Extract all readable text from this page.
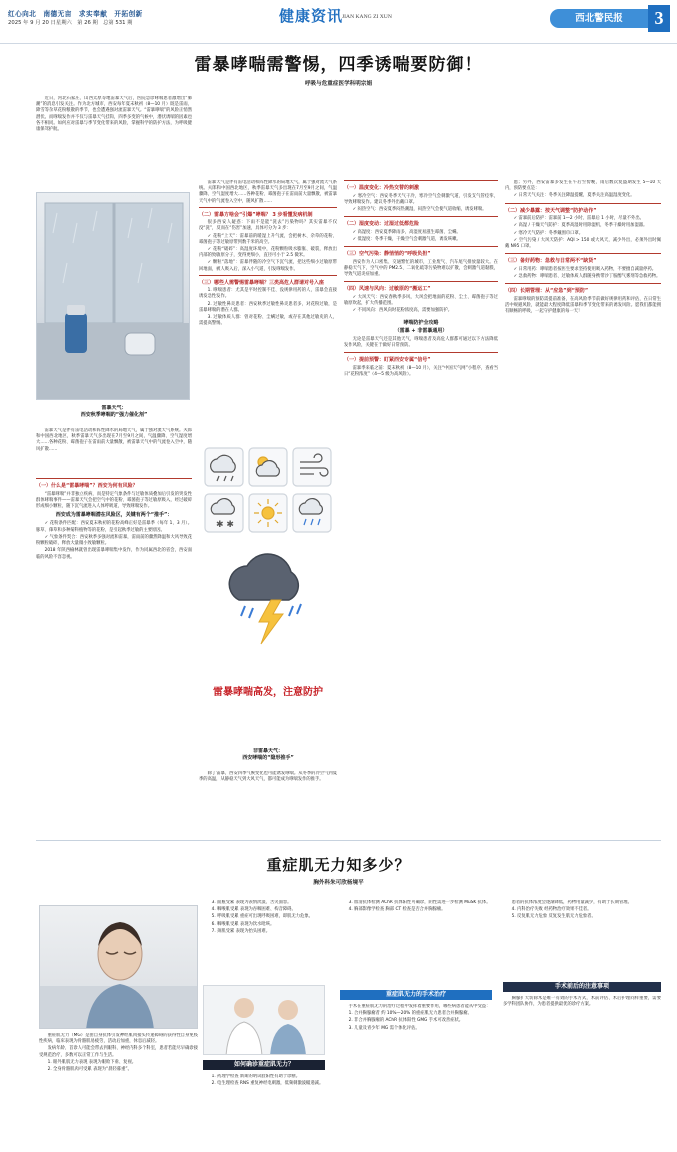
红心向北　南德无亩　求实奉献　开拓创新
2025 年 9 月 20 日星期六　第 26 期　总第 531 期	健康资讯
JIAN KANG ZI XUN	西北警民报	3
雷暴哮喘需警惕，四季诱喘要防御！
呼吸与危重症医学科明宗娟

近日，河北石家庄、山西太原等地雷暴天气后，医院急诊哮喘患者激增出“肺潮”的消息引发关注。作为北方城市，西安每年夏末秋初（8—10 月）既是雷雨、降雪等杂草花粉粮散的季节，也会遭遇强对流雷暴天气。“雷暴哮喘”的风险正悄然潜伏。而哮喘发作并不仅与雷暴天气挂钩，四季多变的气候中，潜伏诱喘的因素也各不相同。如何应对雷暴与季节变化带来的风险，掌握科学的防护方法，为呼吸健康保驾护航。

雷暴天气：
西安秋季哮喘的“强力催化剂”

雷暴天气是伴有雷电活动和阵性降水的局地天气，属于强对流天气系统。夫郎和中国西北地区，秋季雷暴天气多出现在7月至9月之间，气温骤降、空气湿度增大……各种花粉、霉菌孢子在雷雨前大量飘散，被雷暴天气中的气流卷入空中，随风扩散……

（一）什么是“雷暴哮喘”？西安为何有风险？

“雷暴哮喘”并非独立疾病，而是特定气象条件与过敏体质叠加后引发的突发性群体哮喘事件——雷暴天气会把空气中的花粉、霉菌孢子等过敏原吸入，经过破碎形成细小颗粒，随下沉气流进入人体呼吸道，导致哮喘发作。

西安成为雷暴哮喘潜在风险区，关键有两个“推手”：

✓ 花粉条件匹配：西安夏末秋初的花粉高峰正好是雷暴季（每年 1、3 月）。豚草、葎草和多种菊科植物等的花粉，是引起秋季过敏的主要原因。

✓ 气象条件契合：西安秋季多强对流和雷暴，雷雨前的骤然降温和大风导致花粉颗粒破碎，释放大量微小致敏颗粒。

2018 年陕西榆林就曾出现雷暴哮喘集中发作，作为同属西北的省会，西安面临的风险不容忽视。

雷暴天气是伴有雷电活动和阵性降水的局地天气，属于强对流天气系统。夫郎和中国西北地区，秋季雷暴天气多出现在7月至9月之间，气温骤降、空气湿度增大……各种花粉、霉菌孢子在雷雨前大量飘散，被雷暴天气中的气流卷入空中，随风扩散……

（二）雷暴方啥会“引爆”哮喘？ 3 步看懂发病机制

很多西安人疑惑：下雨不是能“洗去”污染物吗？其实雷暴不仅没“洗”，反而在“伤害”加速，具体可分为 3 步：

✓ 花粉“上天”：雷暴前的暖湿上升气流，会把树木、杂草的花粉、霉菌孢子等过敏原带到数千米的高空。

✓ 花粉“破碎”：高湿度环境中，花粉颗粒吸水膨胀、破裂，释放出内部的致敏原分子，变得更细小，直径可小于 2.5 微米。

✓ 颗粒“落地”：雷暴伴随的冷空气下沉气流，把这些细小过敏原带回地面，被人吸入后，深入小气道，引发哮喘发作。

（三）哪些人需警惕雷暴哮喘？三类高危人群请对号入座

1. 哮喘患者：尤其是平时控制不佳、没规律用药的人，雷暴会直接诱发急性发作。

2. 过敏性鼻炎患者：西安秋季过敏性鼻炎患者多，对花粉过敏，是雷暴哮喘的潜在人群。

3. 过敏体质人群：曾对花粉、尘螨过敏，或存在其他过敏史的人，需提高警惕。

✱ ✱
雷暴哮喘高发，注意防护
非雷暴天气：
西安哮喘的“隐形推手”

除了雷暴，西安四季气候变化也可能诱发哮喘。从冬季的冷空气到夏季的高温，从静稳天气到大风天气，都可能成为哮喘发作的推手。

（一）温度变化：冷热交替的刺激

✓ 寒冷空气：西安冬季天气干冷，寒冷空气会刺激气道，引发支气管痉挛，导致哮喘发作。建议冬季外出戴口罩。

✓ 闷热空气：西安夏季闷热潮湿，闷热空气会使气道收缩，诱发哮喘。

（二）湿度变动：过湿过低都危险

✓ 高湿度：西安夏季降雨多，高湿度易滋生霉菌、尘螨。

✓ 低湿度：冬季干燥，干燥空气会刺激气道，诱发咳嗽。

（三）空气污染：静悄悄的“呼吸负担”

西安作为人口密集、交通繁忙的城市，工业废气、汽车尾气排放量较大。在静稳天气下，空气中的 PM2.5、二氧化硫等污染物难以扩散，会刺激气道黏膜，导致气道炎症加重。

（四）风速与风向：过敏原的“搬运工”

✓ 大风天气：西安春秋季多风，大风会把地面的花粉、尘土、霉菌孢子等过敏原吹起，扩大传播范围。

✓ 不同风向：西风向时花粉浓度高，需要加强防护。

哮喘防护全攻略
（雷暴 + 非雷暴通用）

无论是雷暴天气还是其他天气，哮喘患者及高危人群都可通过以下方法降低发作风险，关键在于做好日常预防。

（一）提前预警：盯紧西安专属“信号”

雷暴季来临之前：夏末秋初（8—10 月），关注“中国天气网”小程序，查看当日“花粉浓度”（4—5 级为高风险）。

虑；另外，西安雷暴多发生在午后至傍晚，雨后数次复盛期发生 5—10 天内，预防要点是：

✓ 日常天气关注：冬季关注降温提醒，夏季关注高温湿度变化。

（二）减少暴露：按天气调整“防护动作”

✓ 雷暴前后防护：雷暴前 1—2 小时、雷暴后 1 小时，尽量不外出。

✓ 高湿 / 干燥天气防护：夏季高湿时用除湿机，冬季干燥时用加湿器。

✓ 寒冷天气防护：冬季戴围巾口罩。

✓ 空气污染 / 大风天防护：AQI > 150 或大风天，减少外出，必须外出时佩戴 N95 口罩。

（三）备好药物：急救与日常两不“缺货”

✓ 日常用药：哮喘患者按医生要求坚持使用吸入药物，不要擅自减量停药。

✓ 急救药物：哮喘患者、过敏体质人群随身携带沙丁胺醇气雾剂等急救药物。

（四）长期管理：从“应急”到“预防”

雷暴哮喘的预防需提前准备，在高风险季节前做好规律用药和评估，在日常生活中规避风险，就能最大程度降低雷暴和季节变化带来的诱发风险。愿我们都能拥有顺畅的呼吸，一起守护健康的每一天！

重症肌无力知多少？
胸外科朱可欣杨境平

重症肌无力（MG）是由自身抗体引发神经肌肉接头传递障碍的获得性自身免疫性疾病，临床表现为骨骼肌易疲劳，活动后加重，休息后减轻。

发病年龄、首诊人可能会带去到眼科、神经内科多个科室，患者若能尽早确诊接受规范治疗，多数可以正常工作与生活。

1. 眼外肌肌无力表现 表现为眼睑下垂、复视。

2. 全身骨骼肌肉可受累 表现为“晨轻暮重”。

3. 面瓶受累 表现为表情淡漠、苦笑面容。

4. 咽喉肌受累 表现为吞咽困难、构音障碍。

5. 呼吸肌受累 重症可出现呼吸困难，即肌无力危象。

6. 咽喉肌受累 表现为饮水呛咳。

7. 颈肌受累 表现为抬头困难。

如何确诊重症肌无力？

1. 药理学检查 新斯的明试验阳性有助于诊断。

2. 电生理检查 RNS 重复神经电刺激，低频刺激波幅递减。

3. 血清抗体检测 AChR 抗体阳性可确诊，阴性需进一步检测 MuSK 抗体。

4. 胸部影像学检查 胸部 CT 检查是否合并胸腺瘤。

重症肌无力的手术治疗

手术在重症肌无力的治疗过程中发挥着重要作用，哪些病患者能从中受益：

1. 合并胸腺瘤者 约 10%—20% 的重症肌无力患者合并胸腺瘤。

2. 非合并胸腺瘤的 AChR 抗体阳性 GMG 手术可改善症状。

3. 儿童及青少年 MG 需个体化评估。

患者的抗体浓度会逐渐降低，药物用量减少，有助于长期管理。

4. 内科治疗失败 经药物治疗效果不佳者。

5. 反复肌无力危象 反复发生肌无力危象者。

手术前后的注意事项

胸腺扩大切除术是唯一有效的手术方式，术前评估、术后护理同样重要，需要多学科团队协作，为患者提供最优的诊疗方案。
